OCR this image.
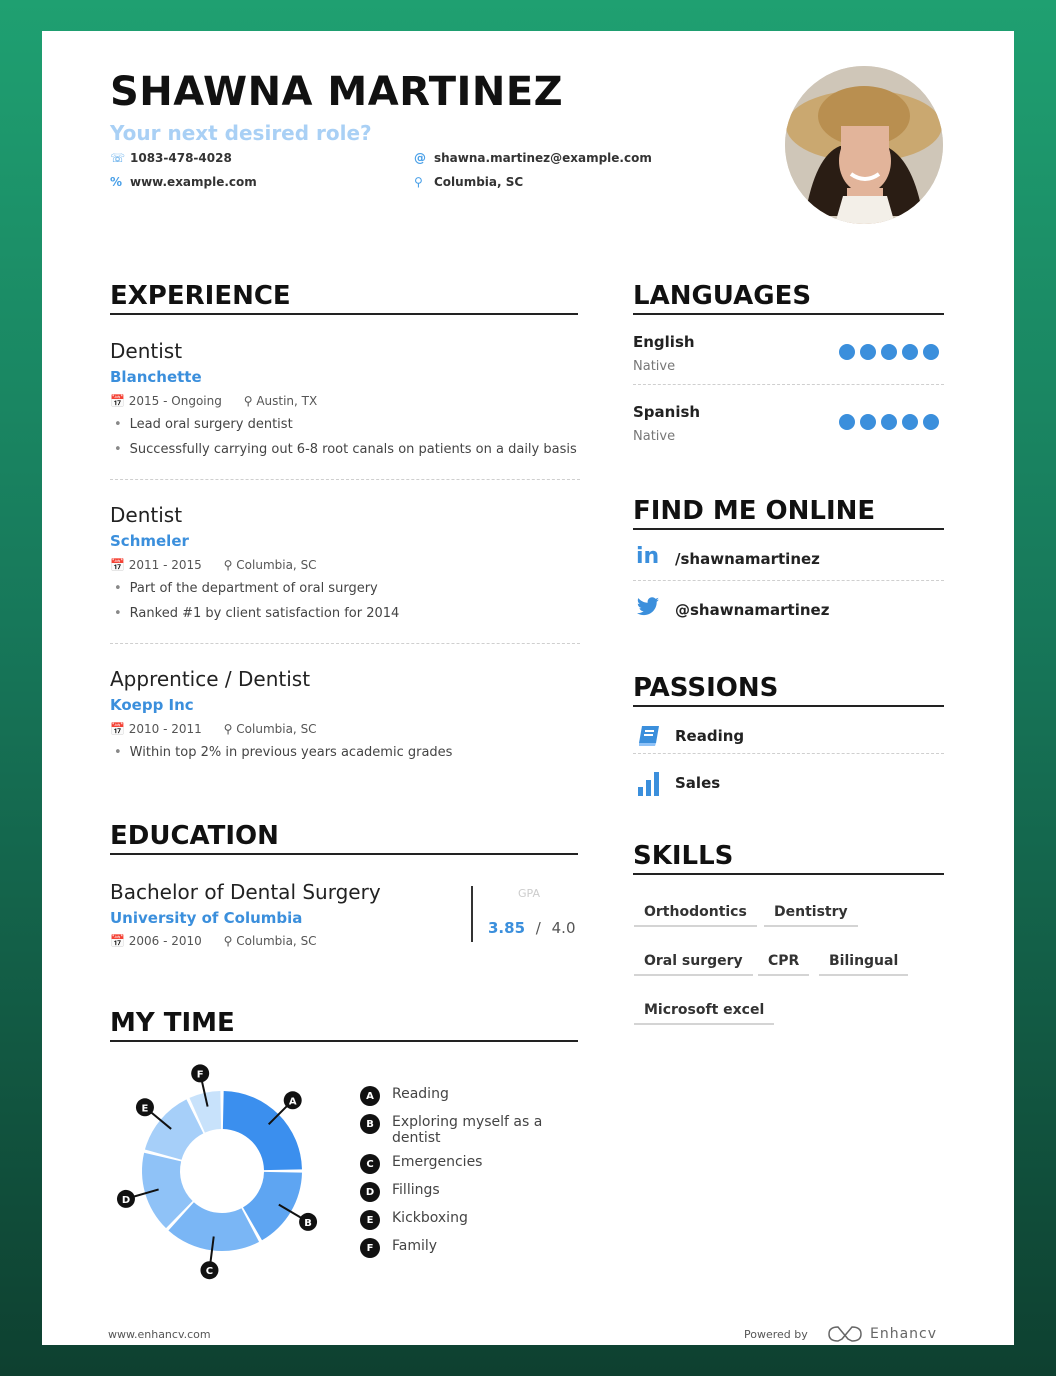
SHAWNA MARTINEZ
Your next desired role?
☏ 1083-478-4028	@ shawna.martinez@example.com
% www.example.com	⚲ Columbia, SC
EXPERIENCE
Dentist
Blanchette
📅 2015 - Ongoing ⚲ Austin, TX
• Lead oral surgery dentist
• Successfully carrying out 6-8 root canals on patients on a daily basis
Dentist
Schmeler
📅 2011 - 2015 ⚲ Columbia, SC
• Part of the department of oral surgery
• Ranked #1 by client satisfaction for 2014
Apprentice / Dentist
Koepp Inc
📅 2010 - 2011 ⚲ Columbia, SC
• Within top 2% in previous years academic grades
EDUCATION
Bachelor of Dental Surgery
University of Columbia
📅 2006 - 2010 ⚲ Columbia, SC
GPA
3.85 / 4.0
MY TIME
A
B
C
D
E
F
A	Reading
B	Exploring myself as a dentist
C	Emergencies
D	Fillings
E	Kickboxing
F	Family
LANGUAGES
English
Native
Spanish
Native
FIND ME ONLINE
in /shawnamartinez
@shawnamartinez
PASSIONS
Reading
Sales
SKILLS
Orthodontics	Dentistry
Oral surgery	CPR	Bilingual
Microsoft excel
www.enhancv.com	Powered by	Enhancv
